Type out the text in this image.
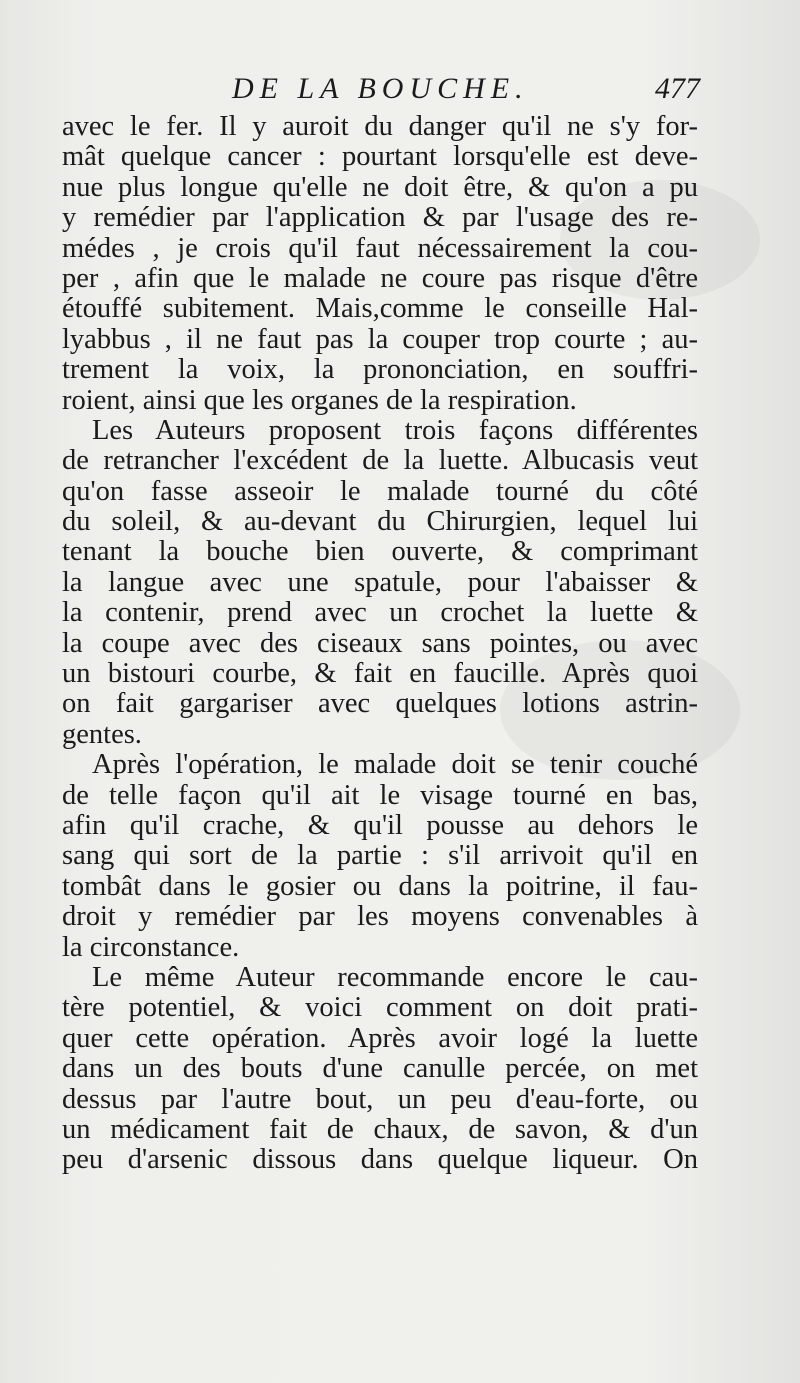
DE LA BOUCHE.	477
avec le fer. Il y auroit du danger qu'il ne s'y for-
mât quelque cancer : pourtant lorsqu'elle est deve-
nue plus longue qu'elle ne doit être, & qu'on a pu
y remédier par l'application & par l'usage des re-
médes , je crois qu'il faut nécessairement la cou-
per , afin que le malade ne coure pas risque d'être
étouffé subitement. Mais,comme le conseille Hal-
lyabbus , il ne faut pas la couper trop courte ; au-
trement la voix, la prononciation, en souffri-
roient, ainsi que les organes de la respiration.
Les Auteurs proposent trois façons différentes
de retrancher l'excédent de la luette. Albucasis veut
qu'on fasse asseoir le malade tourné du côté
du soleil, & au-devant du Chirurgien, lequel lui
tenant la bouche bien ouverte, & comprimant
la langue avec une spatule, pour l'abaisser &
la contenir, prend avec un crochet la luette &
la coupe avec des ciseaux sans pointes, ou avec
un bistouri courbe, & fait en faucille. Après quoi
on fait gargariser avec quelques lotions astrin-
gentes.
Après l'opération, le malade doit se tenir couché
de telle façon qu'il ait le visage tourné en bas,
afin qu'il crache, & qu'il pousse au dehors le
sang qui sort de la partie : s'il arrivoit qu'il en
tombât dans le gosier ou dans la poitrine, il fau-
droit y remédier par les moyens convenables à
la circonstance.
Le même Auteur recommande encore le cau-
tère potentiel, & voici comment on doit prati-
quer cette opération. Après avoir logé la luette
dans un des bouts d'une canulle percée, on met
dessus par l'autre bout, un peu d'eau-forte, ou
un médicament fait de chaux, de savon, & d'un
peu d'arsenic dissous dans quelque liqueur. On
